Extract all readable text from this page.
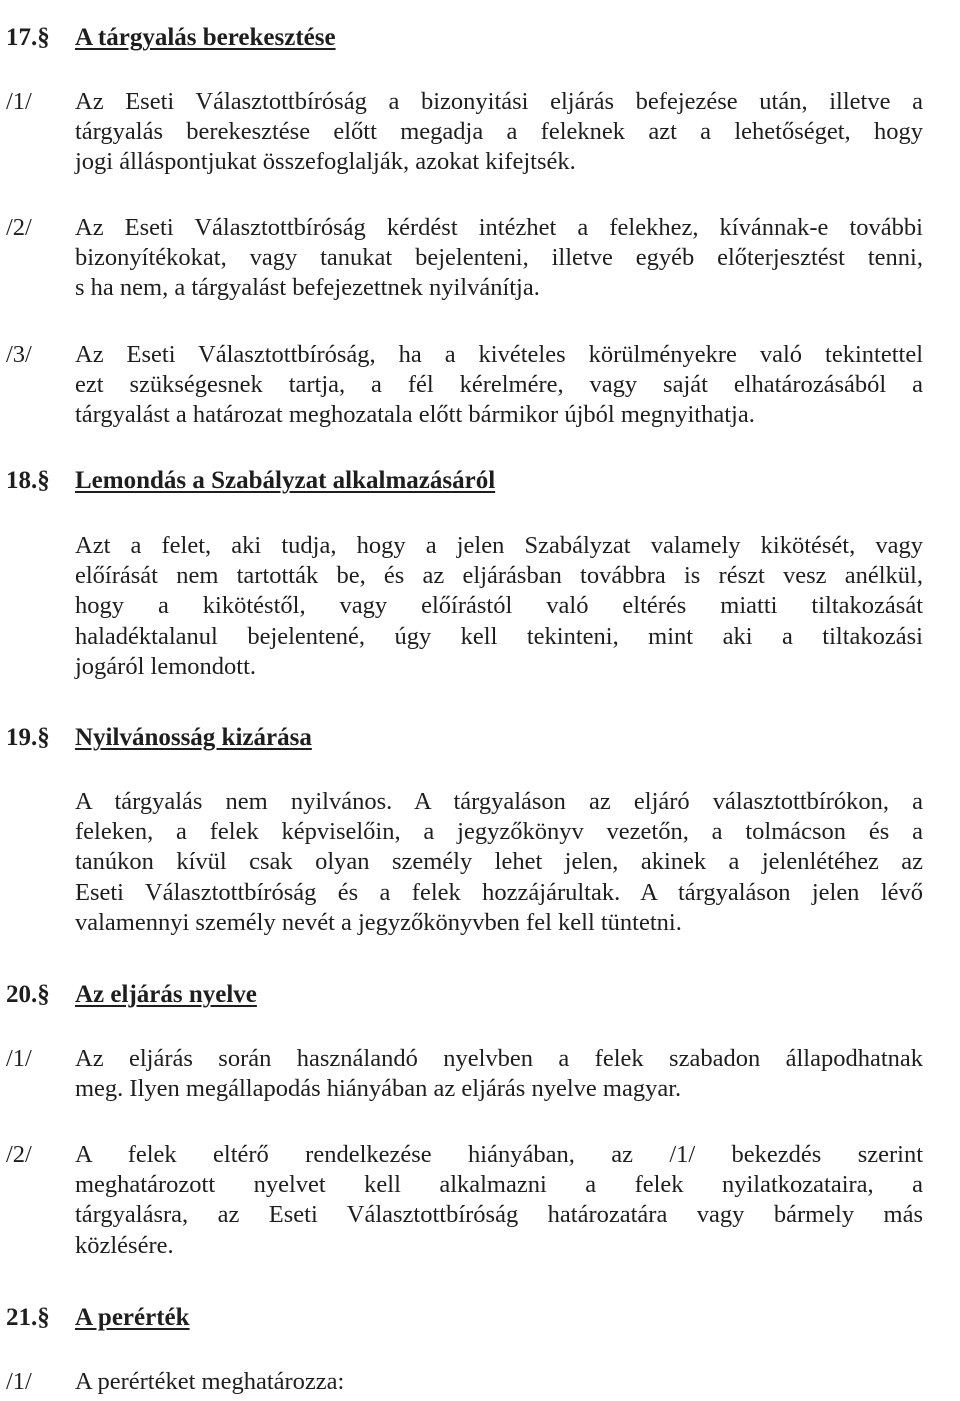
17.§ A tárgyalás berekesztése
/1/ Az Eseti Választottbíróság a bizonyitási eljárás befejezése után, illetve a
tárgyalás berekesztése előtt megadja a feleknek azt a lehetőséget, hogy
jogi álláspontjukat összefoglalják, azokat kifejtsék.
/2/ Az Eseti Választottbíróság kérdést intézhet a felekhez, kívánnak-e további
bizonyítékokat, vagy tanukat bejelenteni, illetve egyéb előterjesztést tenni,
s ha nem, a tárgyalást befejezettnek nyilvánítja.
/3/ Az Eseti Választottbíróság, ha a kivételes körülményekre való tekintettel
ezt szükségesnek tartja, a fél kérelmére, vagy saját elhatározásából a
tárgyalást a határozat meghozatala előtt bármikor újból megnyithatja.
18.§ Lemondás a Szabályzat alkalmazásáról
Azt a felet, aki tudja, hogy a jelen Szabályzat valamely kikötését, vagy
előírását nem tartották be, és az eljárásban továbbra is részt vesz anélkül,
hogy a kikötéstől, vagy előírástól való eltérés miatti tiltakozását
haladéktalanul bejelentené, úgy kell tekinteni, mint aki a tiltakozási
jogáról lemondott.
19.§ Nyilvánosság kizárása
A tárgyalás nem nyilvános. A tárgyaláson az eljáró választottbírókon, a
feleken, a felek képviselőin, a jegyzőkönyv vezetőn, a tolmácson és a
tanúkon kívül csak olyan személy lehet jelen, akinek a jelenlétéhez az
Eseti Választottbíróság és a felek hozzájárultak. A tárgyaláson jelen lévő
valamennyi személy nevét a jegyzőkönyvben fel kell tüntetni.
20.§ Az eljárás nyelve
/1/ Az eljárás során használandó nyelvben a felek szabadon állapodhatnak
meg. Ilyen megállapodás hiányában az eljárás nyelve magyar.
/2/ A felek eltérő rendelkezése hiányában, az /1/ bekezdés szerint
meghatározott nyelvet kell alkalmazni a felek nyilatkozataira, a
tárgyalásra, az Eseti Választottbíróság határozatára vagy bármely más
közlésére.
21.§ A perérték
/1/ A perértéket meghatározza:
